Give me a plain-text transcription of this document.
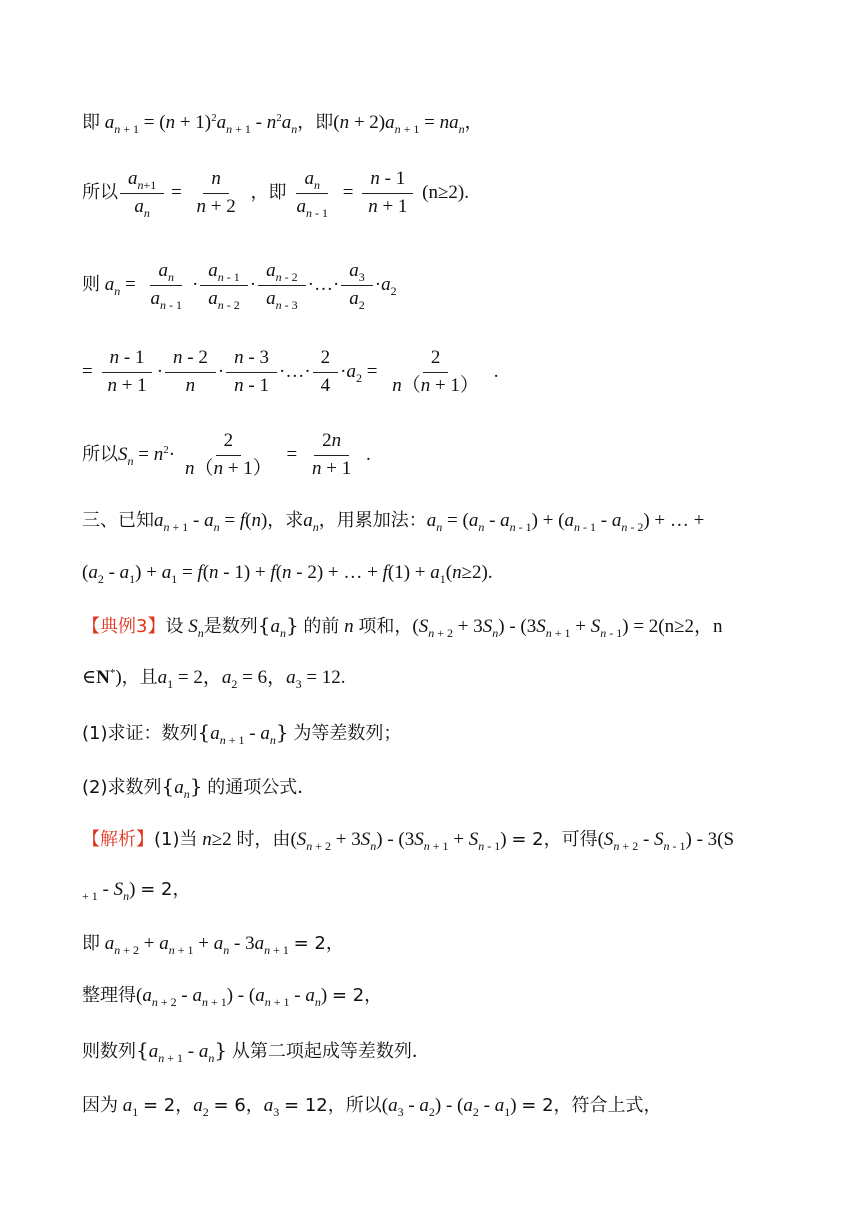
即 $a_{n + 1} = (n + 1)^2a_{n + 1} - n^2a_n$，即$(n + 2)a_{n + 1} = na_n$，
所以 $\frac{a_{n+1}}{a_n} = \frac{n}{n + 2}$ ，即 $\frac{a_n}{a_{n - 1}} = \frac{n - 1}{n + 1} (n\ge 2)$.
则 $a_n = \frac{a_n}{a_{n - 1}} \cdot \frac{a_{n - 1}}{a_{n - 2}} \cdot \frac{a_{n - 2}}{a_{n - 3}}$ ·…· $\frac{a_3}{a_2} \cdot a_2$
= $\frac{n - 1}{n + 1} \cdot \frac{n - 2}{n} \cdot \frac{n - 3}{n - 1}$ ·…· $\frac{2}{4} \cdot a_2 = \frac{2}{n(n + 1)}$ .
所以$S_n = n^2\cdot \frac{2}{n(n + 1)} = \frac{2n}{n + 1}$ .
三、已知$a_{n + 1} - a_n = f(n)$，求$a_n$，用累加法：$a_n = (a_n - a_{n - 1}) + (a_{n - 1} - a_{n - 2})$ + … +
$(a_2 - a_1) + a_1 = f(n - 1) + f(n - 2)$ + … + $f(1) + a_1(n\ge 2)$.
【典例3】设 $S_n$是数列$\{a_n\}$ 的前 n 项和，$(S_{n + 2} + 3S_n) - (3S_{n + 1} + S_{n - 1}) = 2(n\ge 2$，n
∈N*)，且$a_1 = 2$，$a_2 = 6$，$a_3 = 12$.
(1)求证：数列$\{a_{n + 1} - a_n\}$ 为等差数列；
(2)求数列$\{a_n\}$ 的通项公式．
【解析】(1)当 n≥2 时，由$(S_{n + 2} + 3S_n) - (3S_{n + 1} + S_{n - 1}) = 2$，可得$(S_{n + 2} - S_{n - 1}) - 3(S$
$_{+ 1} - S_n) = 2$，
即 $a_{n + 2} + a_{n + 1} + a_n - 3a_{n + 1} = 2$，
整理得$(a_{n + 2} - a_{n + 1}) - (a_{n + 1} - a_n) = 2$，
则数列$\{a_{n + 1} - a_n\}$ 从第二项起成等差数列．
因为 $a_1 = 2$，$a_2 = 6$，$a_3 = 12$，所以$(a_3 - a_2) - (a_2 - a_1) = 2$，符合上式，
